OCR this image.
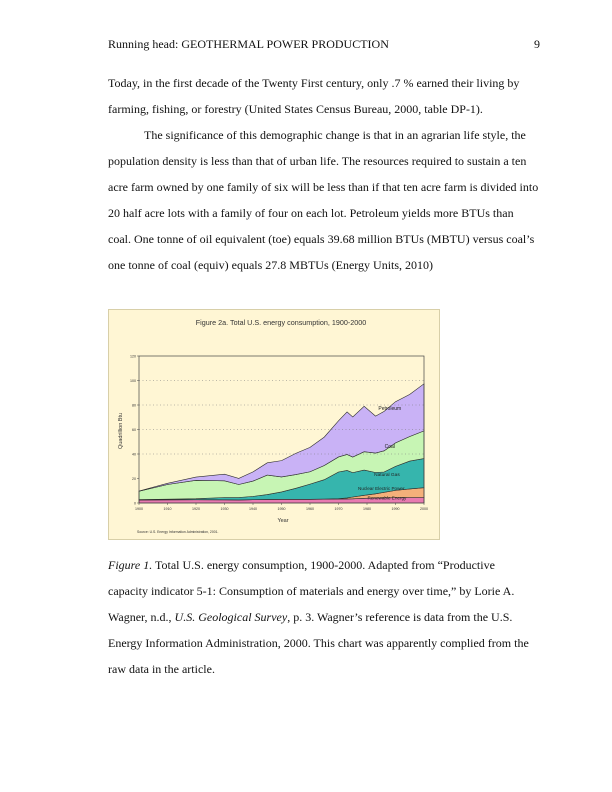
Running head: GEOTHERMAL POWER PRODUCTION	9

Today, in the first decade of the Twenty First century, only .7 % earned their living by
farming, fishing, or forestry (United States Census Bureau, 2000, table DP-1).

The significance of this demographic change is that in an agrarian life style, the
population density is less than that of urban life. The resources required to sustain a ten
acre farm owned by one family of six will be less than if that ten acre farm is divided into
20 half acre lots with a family of four on each lot. Petroleum yields more BTUs than
coal. One tonne of oil equivalent (toe) equals 39.68 million BTUs (MBTU) versus coal’s
one tonne of coal (equiv) equals 27.8 MBTUs (Energy Units, 2010)

Figure 2a. Total U.S. energy consumption, 1900-2000
0
20
40
60
80
100
120
1900	1910	1920	1930	1940	1950	1960	1970	1980	1990	2000
Petroleum
Coal
Natural Gas
Nuclear Electric Power
Renewable Energy
Year
Quadrillion Btu
Source: U.S. Energy Information Administration, 2001.

Figure 1. Total U.S. energy consumption, 1900-2000. Adapted from “Productive

capacity indicator 5-1: Consumption of materials and energy over time,” by Lorie A.

Wagner, n.d., U.S. Geological Survey, p. 3. Wagner’s reference is data from the U.S.

Energy Information Administration, 2000. This chart was apparently complied from the

raw data in the article.
